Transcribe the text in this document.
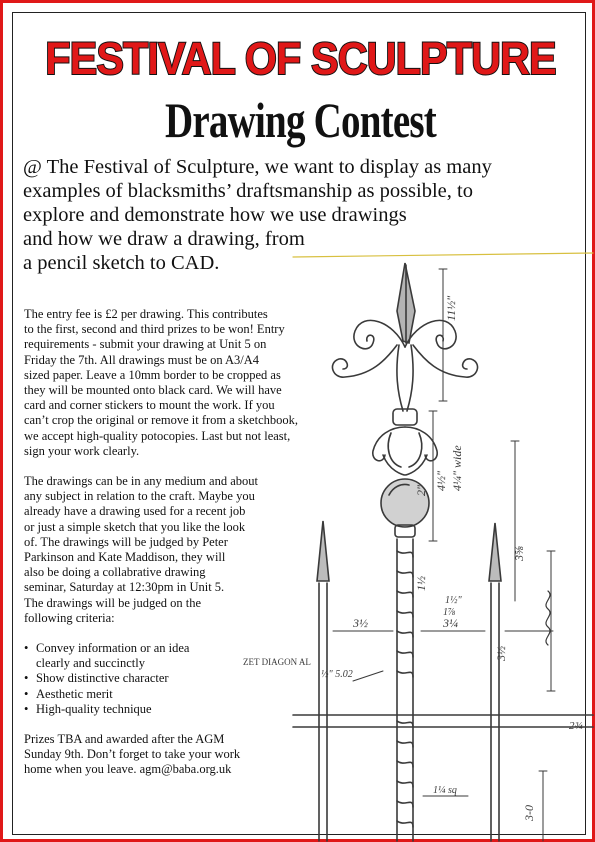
FESTIVAL OF SCULPTURE
Drawing Contest
@ The Festival of Sculpture, we want to display as many
examples of blacksmiths’ draftsmanship as possible, to
explore and demonstrate how we use drawings
and how we draw a drawing, from
a pencil sketch to CAD.
11½"
4½"
2" 4¼" wide
3½	3¼
1½
3⅝
1½"
1⅞
ZET DIAGON AL
½" 5.02
3½
2¾
1¼ sq
3-0

The entry fee is £2 per drawing. This contributes
to the first, second and third prizes to be won! Entry
requirements - submit your drawing at Unit 5 on
Friday the 7th. All drawings must be on A3/A4
sized paper. Leave a 10mm border to be cropped as
they will be mounted onto black card. We will have
card and corner stickers to mount the work. If you
can’t crop the original or remove it from a sketchbook,
we accept high-quality potocopies. Last but not least,
sign your work clearly.

The drawings can be in any medium and about
any subject in relation to the craft. Maybe you
already have a drawing used for a recent job
or just a simple sketch that you like the look
of. The drawings will be judged by Peter
Parkinson and Kate Maddison, they will
also be doing a collabrative drawing
seminar, Saturday at 12:30pm in Unit 5.
The drawings will be judged on the
following criteria:

• Convey information or an idea
clearly and succinctly
• Show distinctive character
• Aesthetic merit
• High-quality technique

Prizes TBA and awarded after the AGM
Sunday 9th. Don’t forget to take your work
home when you leave. agm@baba.org.uk
